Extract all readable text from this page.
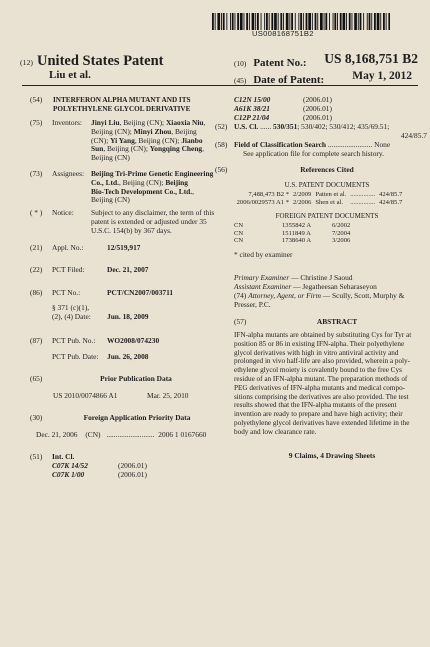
US008168751B2
(12) United States Patent
Liu et al.
(10) Patent No.: US 8,168,751 B2
(45) Date of Patent: May 1, 2012
(54) INTERFERON ALPHA MUTANT AND ITS
POLYETHYLENE GLYCOL DERIVATIVE
(75) Inventors: Jinyi Liu, Beijing (CN); Xiaoxia Niu,
Beijing (CN); Minyi Zhou, Beijing
(CN); Yi Yang, Beijing (CN); Jianbo
Sun, Beijing (CN); Yongqing Cheng,
Beijing (CN)
(73) Assignees: Beijing Tri-Prime Genetic Engineering
Co., Ltd., Beijing (CN); Beijing
Bio-Tech Development Co., Ltd.,
Beijing (CN)
( * ) Notice: Subject to any disclaimer, the term of this
patent is extended or adjusted under 35
U.S.C. 154(b) by 367 days.
(21) Appl. No.:	12/519,917
(22) PCT Filed:	Dec. 21, 2007
(86) PCT No.:	PCT/CN2007/003711
§ 371 (c)(1),
(2), (4) Date: Jun. 18, 2009
(87) PCT Pub. No.: WO2008/074230
PCT Pub. Date: Jun. 26, 2008
(65)	Prior Publication Data
US 2010/0074866 A1	Mar. 25, 2010
(30)	Foreign Application Priority Data
Dec. 21, 2006 (CN) .......................... 2006 1 0167660
(51) Int. Cl.
C07K 14/52	(2006.01)
C07K 1/00	(2006.01)
C12N 15/00	(2006.01)
A61K 38/21	(2006.01)
C12P 21/04	(2006.01)
(52) U.S. Cl. ...... 530/351; 530/402; 530/412; 435/69.51;
424/85.7
(58) Field of Classification Search ........................ None
See application file for complete search history.
(56)	References Cited
U.S. PATENT DOCUMENTS
7,488,473 B2 *	2/2009	Patten et al.	...............	424/85.7
2006/0029573 A1 *	2/2006	Shen et al.	...............	424/85.7
FOREIGN PATENT DOCUMENTS
CN	1355842 A	6/2002
CN	1511849 A	7/2004
CN	1738640 A	3/2006
* cited by examiner
Primary Examiner — Christine J Saoud
Assistant Examiner — Jegatheesan Seharaseyon
(74) Attorney, Agent, or Firm — Scully, Scott, Murphy &
Presser, P.C.
(57)	ABSTRACT
IFN-alpha mutants are obtained by substituting Cys for Tyr at
position 85 or 86 in existing IFN-alpha. Their polyethylene
glycol derivatives with high in vitro antiviral activity and
prolonged in vivo half-life are also provided, wherein a poly-
ethylene glycol moiety is covalently bound to the free Cys
residue of an IFN-alpha mutant. The preparation methods of
PEG derivatives of IFN-alpha mutants and medical compo-
sitions comprising the derivatives are also provided. The test
results showed that the IFN-alpha mutants of the present
invention are ready to prepare and have high activity; their
polyethylene glycol derivatives have extended lifetime in the
body and low clearance rate.
9 Claims, 4 Drawing Sheets
